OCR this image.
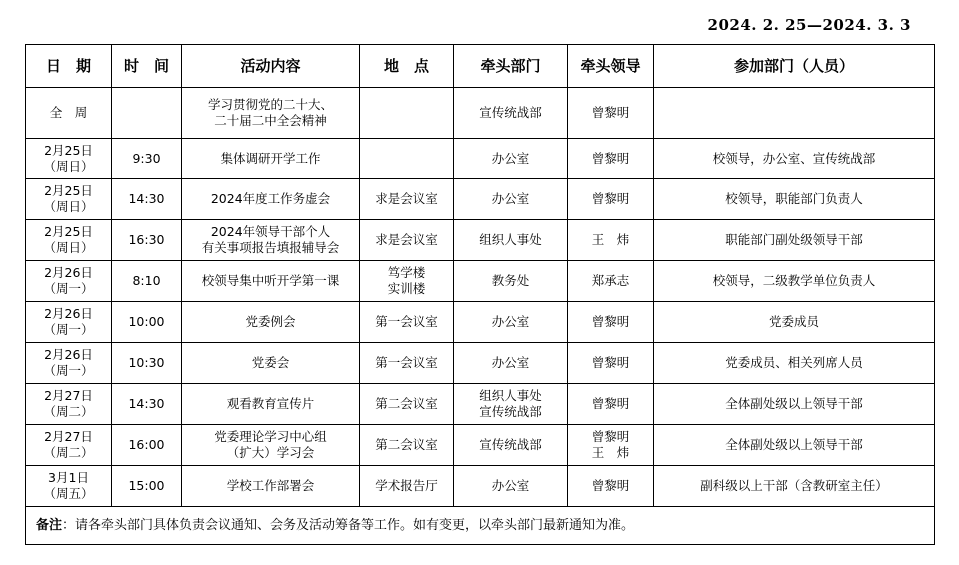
2024. 2. 25—2024. 3. 3
日　期	时　间	活动内容	地　点	牵头部门	牵头领导	参加部门（人员）

全　周		学习贯彻党的二十大、
二十届二中全会精神		宣传统战部	曾黎明	

2月25日
（周日）	9:30	集体调研开学工作		办公室	曾黎明	校领导，办公室、宣传统战部

2月25日
（周日）	14:30	2024年度工作务虚会	求是会议室	办公室	曾黎明	校领导，职能部门负责人

2月25日
（周日）	16:30	2024年领导干部个人
有关事项报告填报辅导会	求是会议室	组织人事处	王　炜	职能部门副处级领导干部

2月26日
（周一）	8:10	校领导集中听开学第一课	笃学楼
实训楼	教务处	郑承志	校领导，二级教学单位负责人

2月26日
（周一）	10:00	党委例会	第一会议室	办公室	曾黎明	党委成员

2月26日
（周一）	10:30	党委会	第一会议室	办公室	曾黎明	党委成员、相关列席人员

2月27日
（周二）	14:30	观看教育宣传片	第二会议室	组织人事处
宣传统战部	曾黎明	全体副处级以上领导干部

2月27日
（周二）	16:00	党委理论学习中心组
（扩大）学习会	第二会议室	宣传统战部	曾黎明
王　炜	全体副处级以上领导干部

3月1日
（周五）	15:00	学校工作部署会	学术报告厅	办公室	曾黎明	副科级以上干部（含教研室主任）
备注：请各牵头部门具体负责会议通知、会务及活动筹备等工作。如有变更，以牵头部门最新通知为准。						
